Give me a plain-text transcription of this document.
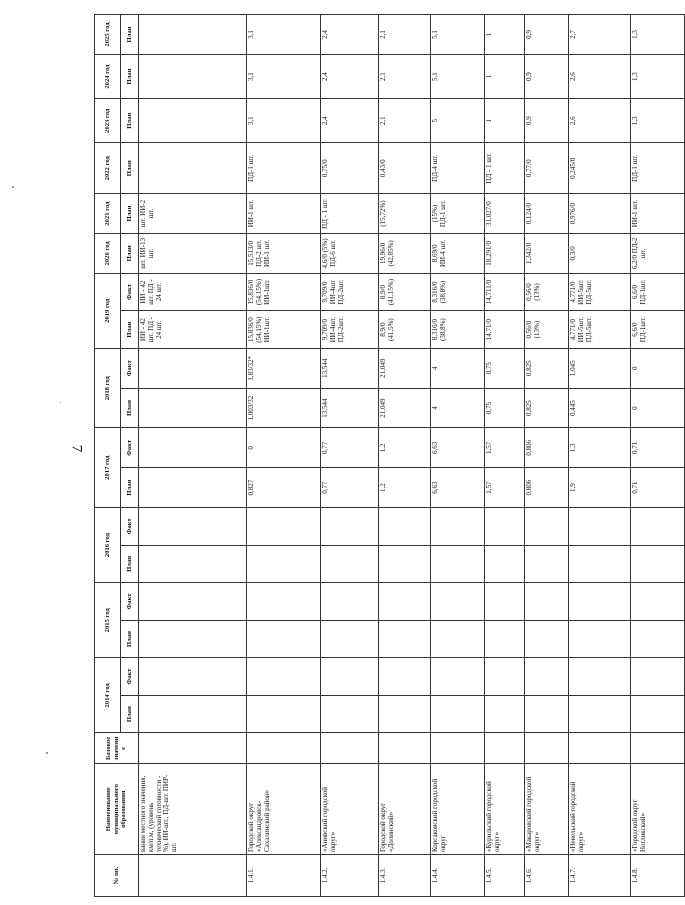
7
№ пп.	Наименование муниципального образования	Базовое значение	2014 год		2015 год		2016 год		2017 год		2018 год		2019 год		2020 год	2021 год	2022 год	2023 год	2024 год	2025 год
			План	Факт	План	Факт	План	Факт	План	Факт	План	Факт	План	Факт	План	План	План	План	План	План
	вания местного значения, км/п.м, (уровень технической готовности - %), ИИ-шт., ПД-шт. ПИР-шт.												ИИ - 42 шт. ПД - 24 шт.	ИИ - 42 шт. ПД - 24 шт.	шт. ИИ-13 шт.	шт. ИИ-2 шт.				
1.4.1.	Городской округ «Александровск-Сахалинский район»								0,827	0	1,003/32	1,83/32*	15,836/0 (54,15%) ИИ-1шт.	15,836/0 (54,15%) ИИ-1шт.	15,513/0 ПД-2 шт. ИИ-1 шт.	ИИ-1 шт.	ПД-1 шт.	3,1	3,1	3,1
1.4.2.	«Анивский городской округ»								0,77	0,77	13,544	13,544	9,709/0 ИИ-4шт. ПД-2шт.	9,709/0 ИИ-4шт ПД-2шт.	4,6/0 (5%) ПД-6 шт.	ПД - 1 шт.	0,75/0	2,4	2,4	2,4
1.4.3.	Городской округ «Долинский»								1,2	1,2	21,049	21,049	8,9/0 (41,5%)	8,9/0 (41,15%)	19,96/0 (42,85%)	(15,72%)	0,43/0	2,1	2,1	2,1
1.4.4.	Корсаковский городской округ								6,63	6,63	4	4	8,316/0 (38,8%)	8,316/0 (38,8%)	8,69/0 ИИ-4 шт.	(15%) ПД-1 шт.	ПД-4 шт.	5	5,1	5,1
1.4.5.	«Курильский городской округ»								1,57	1,57	0,75	0,75	14,71/0	14,711/0	18,291/0	31,027/0	ПД - 1 шт.	1	1	1
1.4.6.	«Макаровский городской округ»								0,806	0,806	0,825	0,825	0,56/0 (13%)	0,56/0 (13%)	1,342/0	0,124/0	0,77/0	0,9	0,9	0,9
1.4.7.	«Невельский городской округ»								1,9	1,3	0,445	1,045	4,771/0 ИИ-5шт. ПД-5шт.	4,771/0 ИИ-5шт. ПД-5шт.	0,3/0	0,976/0	0,245/0	2,6	2,6	2,7
1.4.8.	«Городской округ Ногликский»								0,71	0,71	0	0	6,6/0 ПД-1шт.	6,6/0 ПД-1шт.	6,2/0 ПД-2 шт.	ИИ-1 шт.	ПД-1 шт.	1,3	1,3	1,3
